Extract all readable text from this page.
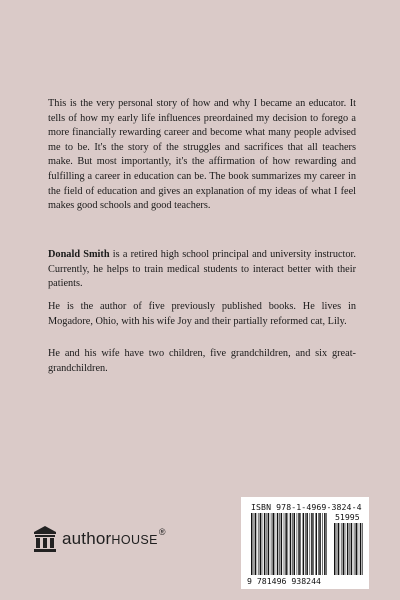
This is the very personal story of how and why I became an educator. It tells of how my early life influences preordained my decision to forego a more financially rewarding career and become what many people advised me to be. It's the story of the struggles and sacrifices that all teachers make. But most importantly, it's the affirmation of how rewarding and fulfilling a career in education can be. The book summarizes my career in the field of education and gives an explanation of my ideas of what I feel makes good schools and good teachers.

Donald Smith is a retired high school principal and university instructor. Currently, he helps to train medical students to interact better with their patients.

He is the author of five previously published books. He lives in Mogadore, Ohio, with his wife Joy and their partially reformed cat, Lily.

He and his wife have two children, five grandchildren, and six great-grandchildren.

author HOUSE
®
ISBN 978-1-4969-3824-4
51995
9 781496 938244
